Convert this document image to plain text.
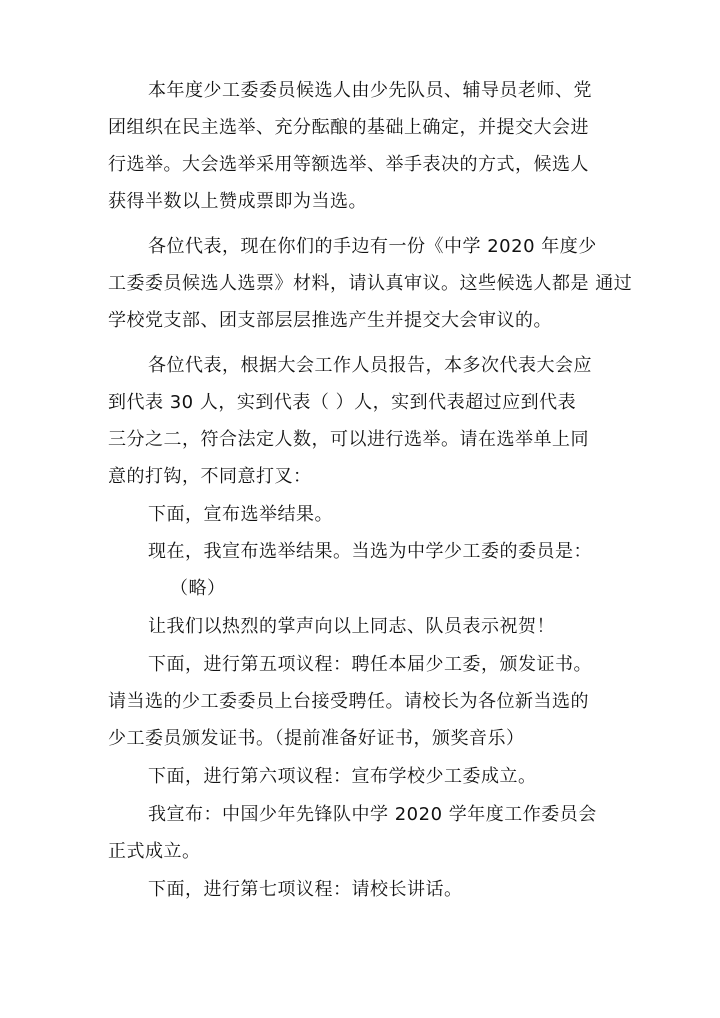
本年度少工委委员候选人由少先队员、辅导员老师、党
团组织在民主选举、充分酝酿的基础上确定，并提交大会进
行选举。大会选举采用等额选举、举手表决的方式，候选人
获得半数以上赞成票即为当选。
各位代表，现在你们的手边有一份《中学 2020 年度少
工委委员候选人选票》材料，请认真审议。这些候选人都是 通过
学校党支部、团支部层层推选产生并提交大会审议的。
各位代表，根据大会工作人员报告，本多次代表大会应
到代表 30 人，实到代表（ ）人，实到代表超过应到代表
三分之二，符合法定人数，可以进行选举。请在选举单上同
意的打钩，不同意打叉：
下面，宣布选举结果。
现在，我宣布选举结果。当选为中学少工委的委员是：
（略）
让我们以热烈的掌声向以上同志、队员表示祝贺！
下面，进行第五项议程：聘任本届少工委，颁发证书。
请当选的少工委委员上台接受聘任。请校长为各位新当选的
少工委员颁发证书。（提前准备好证书，颁奖音乐）
下面，进行第六项议程：宣布学校少工委成立。
我宣布：中国少年先锋队中学 2020 学年度工作委员会
正式成立。
下面，进行第七项议程：请校长讲话。
